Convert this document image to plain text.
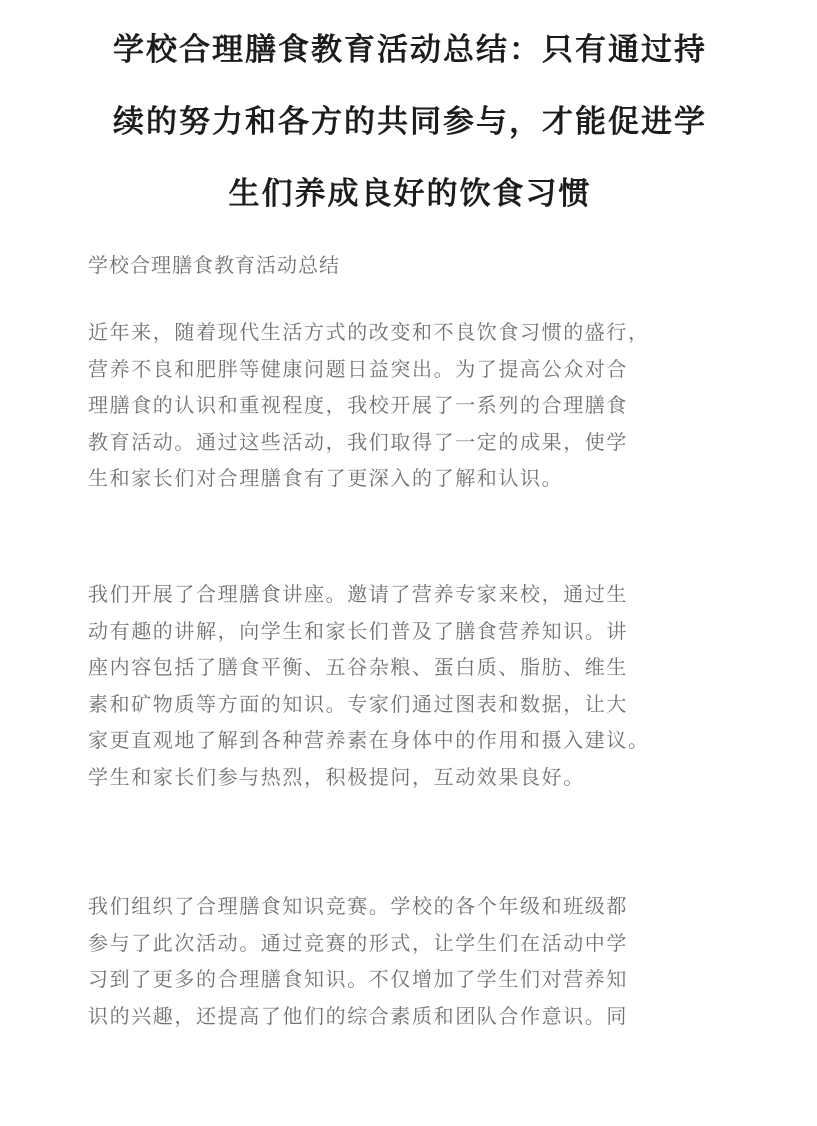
学校合理膳食教育活动总结：只有通过持
续的努力和各方的共同参与，才能促进学
生们养成良好的饮食习惯
学校合理膳食教育活动总结

近年来，随着现代生活方式的改变和不良饮食习惯的盛行，
营养不良和肥胖等健康问题日益突出。为了提高公众对合
理膳食的认识和重视程度，我校开展了一系列的合理膳食
教育活动。通过这些活动，我们取得了一定的成果，使学
生和家长们对合理膳食有了更深入的了解和认识。

我们开展了合理膳食讲座。邀请了营养专家来校，通过生
动有趣的讲解，向学生和家长们普及了膳食营养知识。讲
座内容包括了膳食平衡、五谷杂粮、蛋白质、脂肪、维生
素和矿物质等方面的知识。专家们通过图表和数据，让大
家更直观地了解到各种营养素在身体中的作用和摄入建议。
学生和家长们参与热烈，积极提问，互动效果良好。

我们组织了合理膳食知识竞赛。学校的各个年级和班级都
参与了此次活动。通过竞赛的形式，让学生们在活动中学
习到了更多的合理膳食知识。不仅增加了学生们对营养知
识的兴趣，还提高了他们的综合素质和团队合作意识。同
